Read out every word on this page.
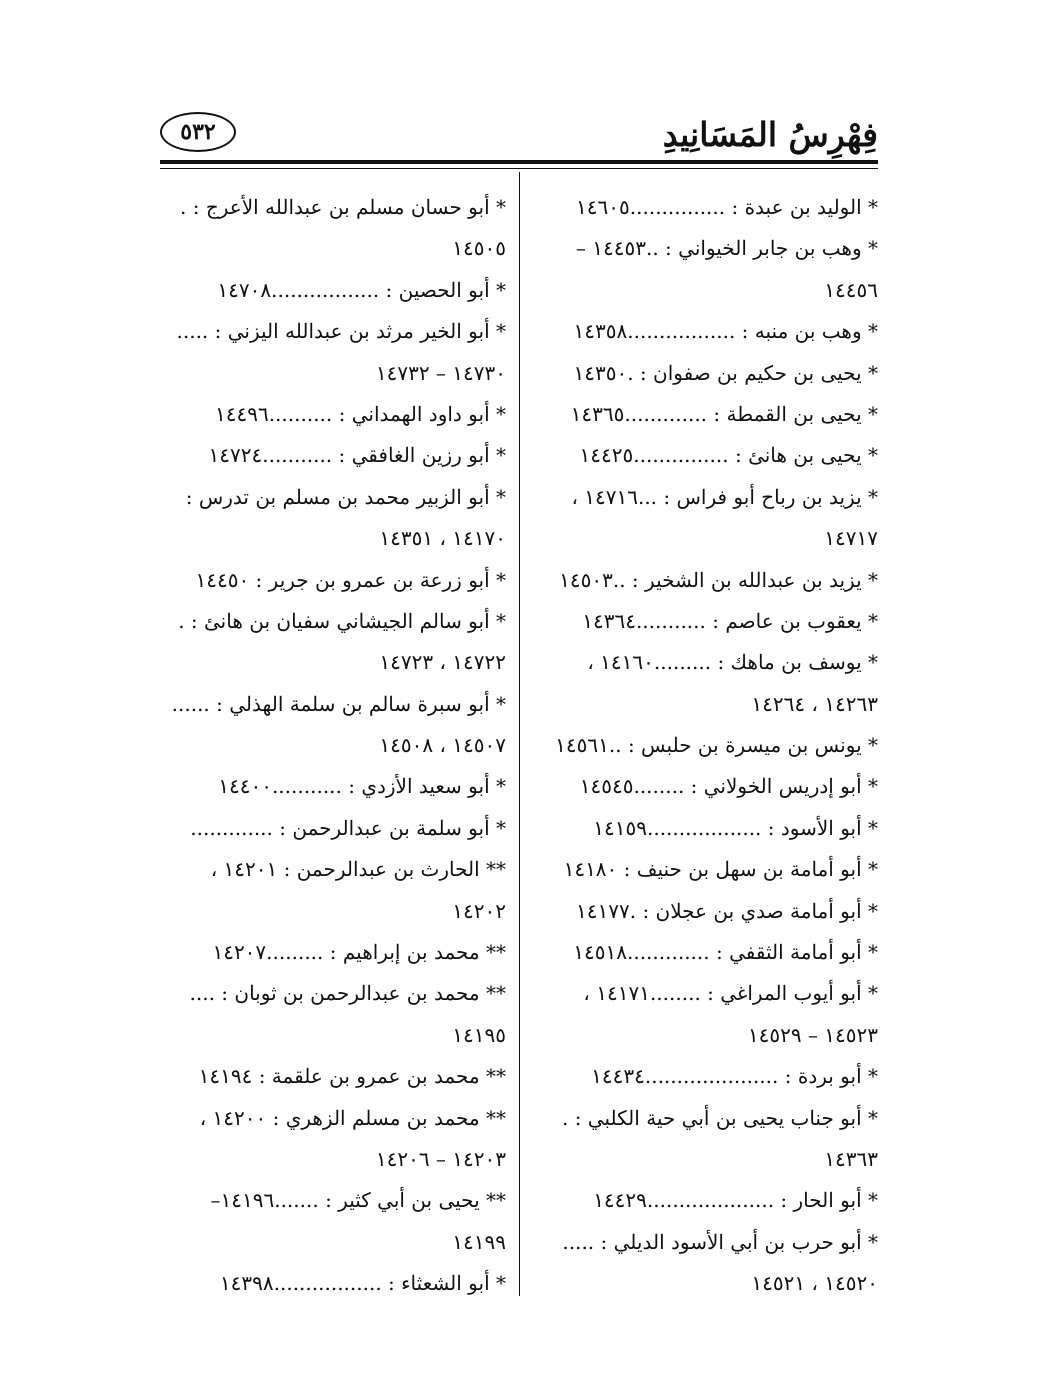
٥٣٢	فِهْرِسُ المَسَانِيدِ
* الوليد بن عبدة : ...............١٤٦٠٥
* وهب بن جابر الخيواني : ..١٤٤٥٣ –
١٤٤٥٦
* وهب بن منبه : .................١٤٣٥٨
* يحيى بن حكيم بن صفوان : .١٤٣٥٠
* يحيى بن القمطة : .............١٤٣٦٥
* يحيى بن هانئ : ...............١٤٤٢٥
* يزيد بن رباح أبو فراس : ...١٤٧١٦ ،
١٤٧١٧
* يزيد بن عبدالله بن الشخير : ..١٤٥٠٣
* يعقوب بن عاصم : ...........١٤٣٦٤
* يوسف بن ماهك : .........١٤١٦٠ ،
١٤٢٦٣ ، ١٤٢٦٤
* يونس بن ميسرة بن حلبس : ..١٤٥٦١
* أبو إدريس الخولاني : ........١٤٥٤٥
* أبو الأسود : ..................١٤١٥٩
* أبو أمامة بن سهل بن حنيف : ١٤١٨٠
* أبو أمامة صدي بن عجلان : .١٤١٧٧
* أبو أمامة الثقفي : .............١٤٥١٨
* أبو أيوب المراغي : ........١٤١٧١ ،
١٤٥٢٣ – ١٤٥٢٩
* أبو بردة : .....................١٤٤٣٤
* أبو جناب يحيى بن أبي حية الكلبي : .
١٤٣٦٣
* أبو الحار : ....................١٤٤٢٩
* أبو حرب بن أبي الأسود الديلي : .....
١٤٥٢٠ ، ١٤٥٢١
* أبو حسان مسلم بن عبدالله الأعرج : .
١٤٥٠٥
* أبو الحصين : .................١٤٧٠٨
* أبو الخير مرثد بن عبدالله اليزني : .....
١٤٧٣٠ – ١٤٧٣٢
* أبو داود الهمداني : ..........١٤٤٩٦
* أبو رزين الغافقي : ...........١٤٧٢٤
* أبو الزبير محمد بن مسلم بن تدرس :
١٤١٧٠ ، ١٤٣٥١
* أبو زرعة بن عمرو بن جرير : ١٤٤٥٠
* أبو سالم الجيشاني سفيان بن هانئ : .
١٤٧٢٢ ، ١٤٧٢٣
* أبو سبرة سالم بن سلمة الهذلي : ......
١٤٥٠٧ ، ١٤٥٠٨
* أبو سعيد الأزدي : ...........١٤٤٠٠
* أبو سلمة بن عبدالرحمن : .............
** الحارث بن عبدالرحمن : ١٤٢٠١ ،
١٤٢٠٢
** محمد بن إبراهيم : .........١٤٢٠٧
** محمد بن عبدالرحمن بن ثوبان : ....
١٤١٩٥
** محمد بن عمرو بن علقمة : ١٤١٩٤
** محمد بن مسلم الزهري : ١٤٢٠٠ ،
١٤٢٠٣ – ١٤٢٠٦
** يحيى بن أبي كثير : .......١٤١٩٦–
١٤١٩٩
* أبو الشعثاء : .................١٤٣٩٨
